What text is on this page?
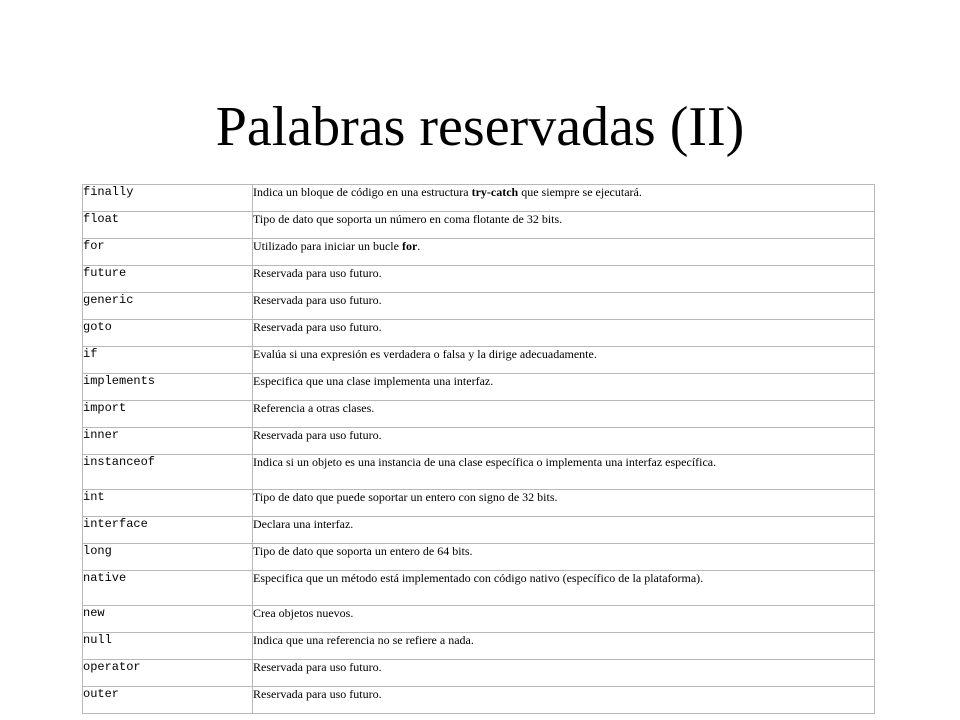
Palabras reservadas (II)
finally	Indica un bloque de código en una estructura try-catch que siempre se ejecutará.
float	Tipo de dato que soporta un número en coma flotante de 32 bits.
for	Utilizado para iniciar un bucle for.
future	Reservada para uso futuro.
generic	Reservada para uso futuro.
goto	Reservada para uso futuro.
if	Evalúa si una expresión es verdadera o falsa y la dirige adecuadamente.
implements	Especifica que una clase implementa una interfaz.
import	Referencia a otras clases.
inner	Reservada para uso futuro.
instanceof	Indica si un objeto es una instancia de una clase específica o implementa una interfaz específica.
int	Tipo de dato que puede soportar un entero con signo de 32 bits.
interface	Declara una interfaz.
long	Tipo de dato que soporta un entero de 64 bits.
native	Especifica que un método está implementado con código nativo (específico de la plataforma).
new	Crea objetos nuevos.
null	Indica que una referencia no se refiere a nada.
operator	Reservada para uso futuro.
outer	Reservada para uso futuro.
